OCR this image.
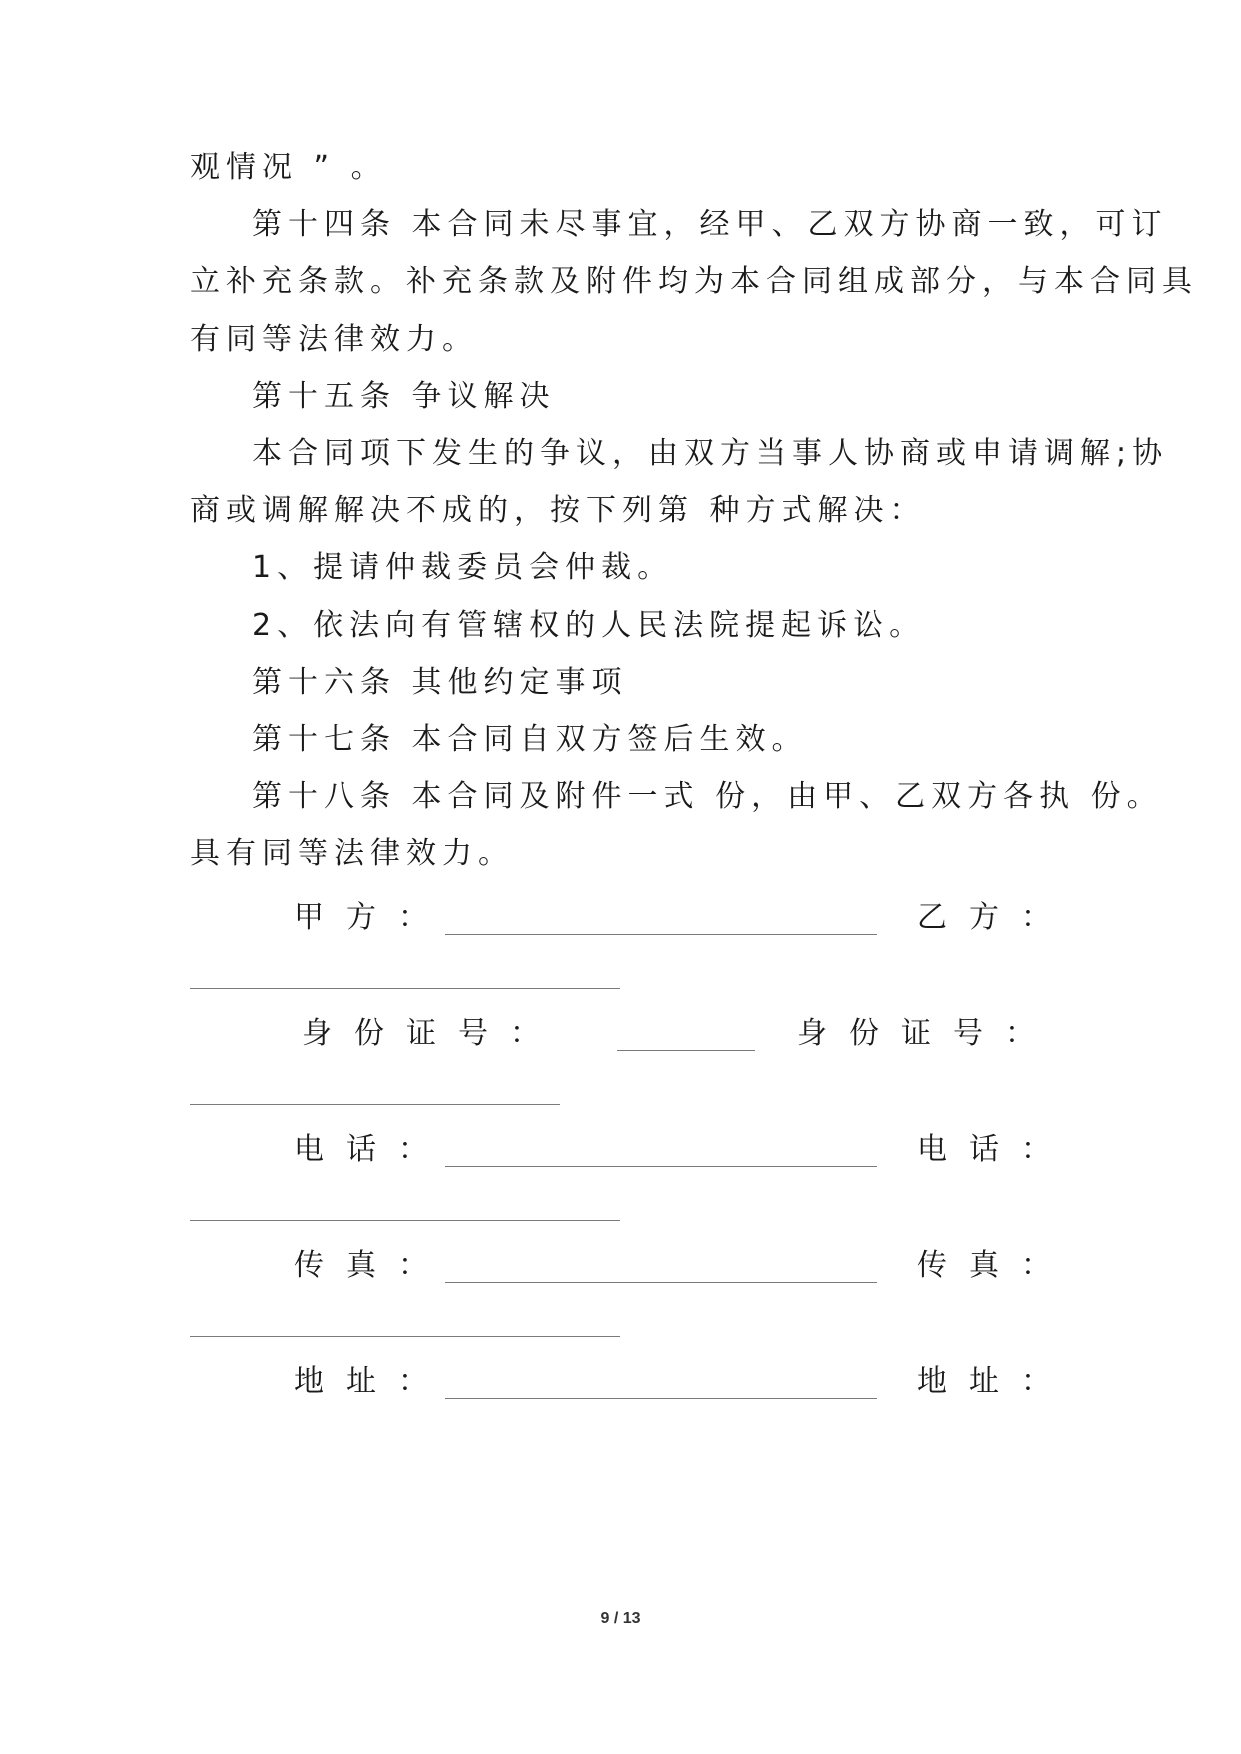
观情况 ” 。
第十四条 本合同未尽事宜，经甲、乙双方协商一致，可订
立补充条款。补充条款及附件均为本合同组成部分，与本合同具
有同等法律效力。
第十五条 争议解决
本合同项下发生的争议，由双方当事人协商或申请调解;协
商或调解解决不成的，按下列第 种方式解决：
1、提请仲裁委员会仲裁。
2、依法向有管辖权的人民法院提起诉讼。
第十六条 其他约定事项
第十七条 本合同自双方签后生效。
第十八条 本合同及附件一式 份，由甲、乙双方各执 份。
具有同等法律效力。
甲方：	乙方：
身份证号：	身份证号：
电话：	电话：
传真：	传真：
地址：	地址：
9 / 13
